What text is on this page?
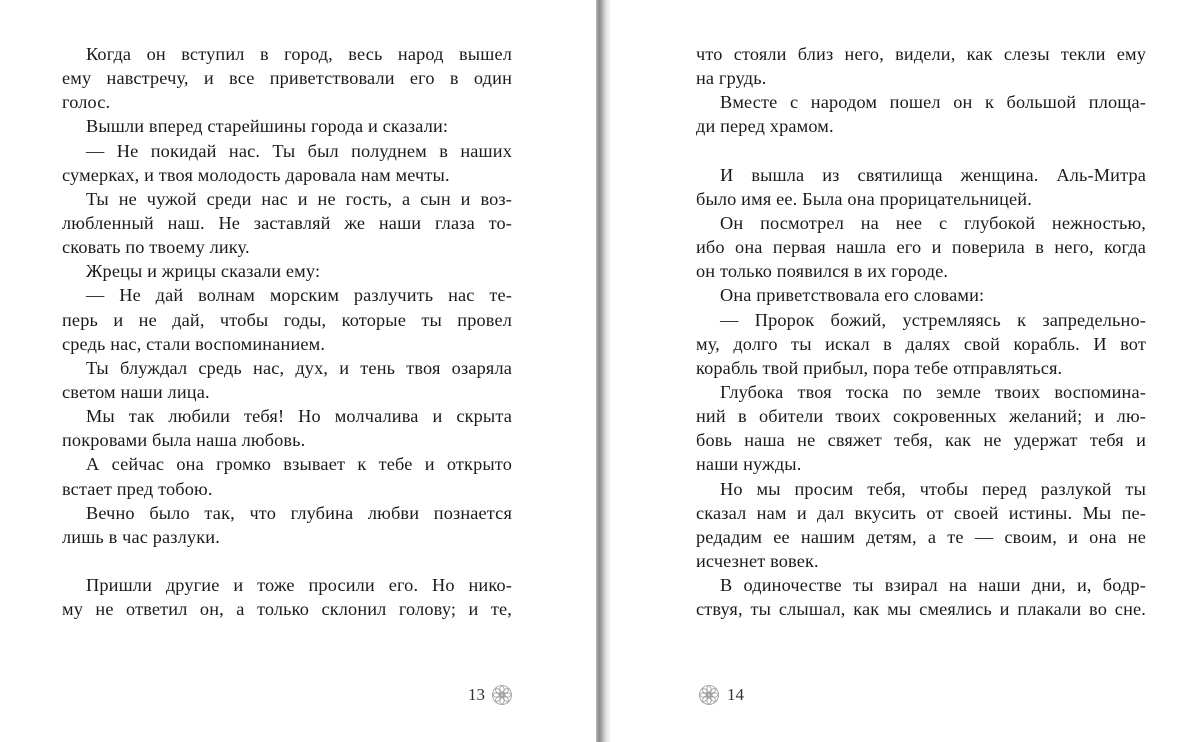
Когда он вступил в город, весь народ вышел
ему навстречу, и все приветствовали его в один
голос.
Вышли вперед старейшины города и сказали:
— Не покидай нас. Ты был полуднем в наших
сумерках, и твоя молодость даровала нам мечты.
Ты не чужой среди нас и не гость, а сын и воз-
любленный наш. Не заставляй же наши глаза то-
сковать по твоему лику.
Жрецы и жрицы сказали ему:
— Не дай волнам морским разлучить нас те-
перь и не дай, чтобы годы, которые ты провел
средь нас, стали воспоминанием.
Ты блуждал средь нас, дух, и тень твоя озаряла
светом наши лица.
Мы так любили тебя! Но молчалива и скрыта
покровами была наша любовь.
А сейчас она громко взывает к тебе и открыто
встает пред тобою.
Вечно было так, что глубина любви познается
лишь в час разлуки.
Пришли другие и тоже просили его. Но нико-
му не ответил он, а только склонил голову; и те,
13
что стояли близ него, видели, как слезы текли ему
на грудь.
Вместе с народом пошел он к большой площа-
ди перед храмом.
И вышла из святилища женщина. Аль-Митра
было имя ее. Была она прорицательницей.
Он посмотрел на нее с глубокой нежностью,
ибо она первая нашла его и поверила в него, когда
он только появился в их городе.
Она приветствовала его словами:
— Пророк божий, устремляясь к запредельно-
му, долго ты искал в далях свой корабль. И вот
корабль твой прибыл, пора тебе отправляться.
Глубока твоя тоска по земле твоих воспомина-
ний в обители твоих сокровенных желаний; и лю-
бовь наша не свяжет тебя, как не удержат тебя и
наши нужды.
Но мы просим тебя, чтобы перед разлукой ты
сказал нам и дал вкусить от своей истины. Мы пе-
редадим ее нашим детям, а те — своим, и она не
исчезнет вовек.
В одиночестве ты взирал на наши дни, и, бодр-
ствуя, ты слышал, как мы смеялись и плакали во сне.
14
